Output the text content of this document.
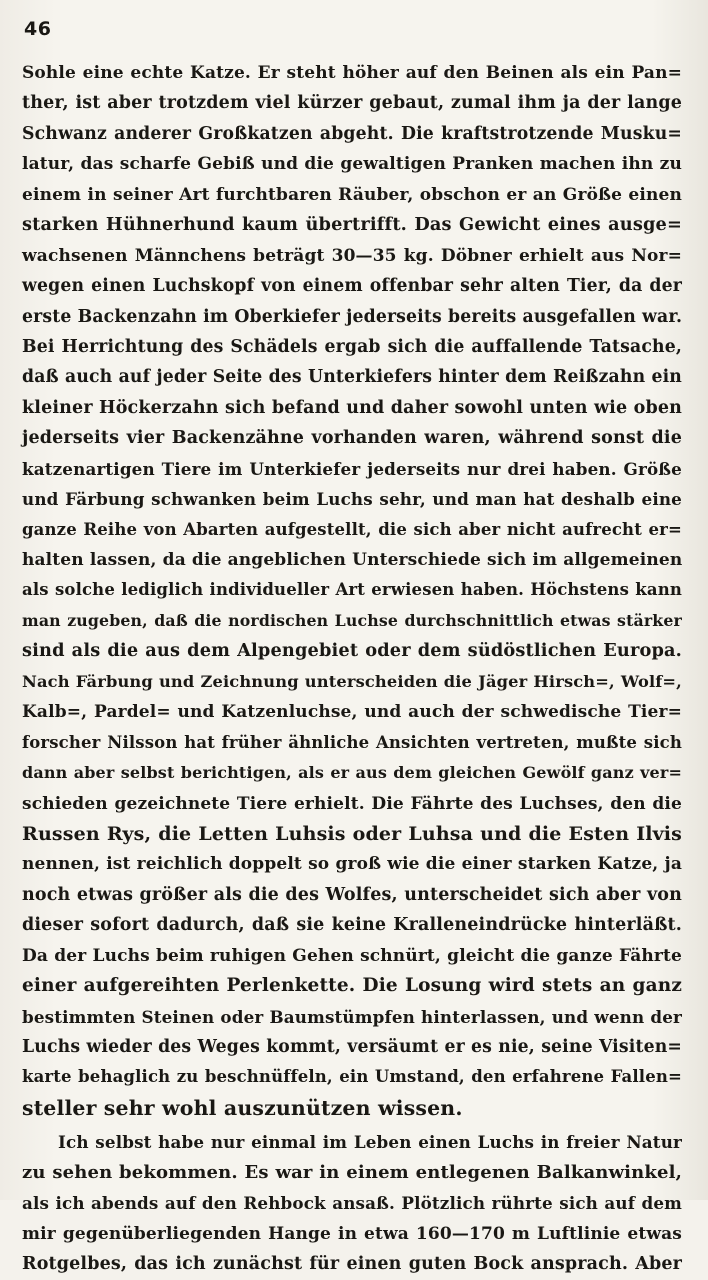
46
Sohle eine echte Katze. Er steht höher auf den Beinen als ein Pan=
ther, ist aber trotzdem viel kürzer gebaut, zumal ihm ja der lange
Schwanz anderer Großkatzen abgeht. Die kraftstrotzende Musku=
latur, das scharfe Gebiß und die gewaltigen Pranken machen ihn zu
einem in seiner Art furchtbaren Räuber, obschon er an Größe einen
starken Hühnerhund kaum übertrifft. Das Gewicht eines ausge=
wachsenen Männchens beträgt 30—35 kg. Döbner erhielt aus Nor=
wegen einen Luchskopf von einem offenbar sehr alten Tier, da der
erste Backenzahn im Oberkiefer jederseits bereits ausgefallen war.
Bei Herrichtung des Schädels ergab sich die auffallende Tatsache,
daß auch auf jeder Seite des Unterkiefers hinter dem Reißzahn ein
kleiner Höckerzahn sich befand und daher sowohl unten wie oben
jederseits vier Backenzähne vorhanden waren, während sonst die
katzenartigen Tiere im Unterkiefer jederseits nur drei haben. Größe
und Färbung schwanken beim Luchs sehr, und man hat deshalb eine
ganze Reihe von Abarten aufgestellt, die sich aber nicht aufrecht er=
halten lassen, da die angeblichen Unterschiede sich im allgemeinen
als solche lediglich individueller Art erwiesen haben. Höchstens kann
man zugeben, daß die nordischen Luchse durchschnittlich etwas stärker
sind als die aus dem Alpengebiet oder dem südöstlichen Europa.
Nach Färbung und Zeichnung unterscheiden die Jäger Hirsch=, Wolf=,
Kalb=, Pardel= und Katzenluchse, und auch der schwedische Tier=
forscher Nilsson hat früher ähnliche Ansichten vertreten, mußte sich
dann aber selbst berichtigen, als er aus dem gleichen Gewölf ganz ver=
schieden gezeichnete Tiere erhielt. Die Fährte des Luchses, den die
Russen Rys, die Letten Luhsis oder Luhsa und die Esten Ilvis
nennen, ist reichlich doppelt so groß wie die einer starken Katze, ja
noch etwas größer als die des Wolfes, unterscheidet sich aber von
dieser sofort dadurch, daß sie keine Kralleneindrücke hinterläßt.
Da der Luchs beim ruhigen Gehen schnürt, gleicht die ganze Fährte
einer aufgereihten Perlenkette. Die Losung wird stets an ganz
bestimmten Steinen oder Baumstümpfen hinterlassen, und wenn der
Luchs wieder des Weges kommt, versäumt er es nie, seine Visiten=
karte behaglich zu beschnüffeln, ein Umstand, den erfahrene Fallen=
steller sehr wohl auszunützen wissen.
Ich selbst habe nur einmal im Leben einen Luchs in freier Natur
zu sehen bekommen. Es war in einem entlegenen Balkanwinkel,
als ich abends auf den Rehbock ansaß. Plötzlich rührte sich auf dem
mir gegenüberliegenden Hange in etwa 160—170 m Luftlinie etwas
Rotgelbes, das ich zunächst für einen guten Bock ansprach. Aber
